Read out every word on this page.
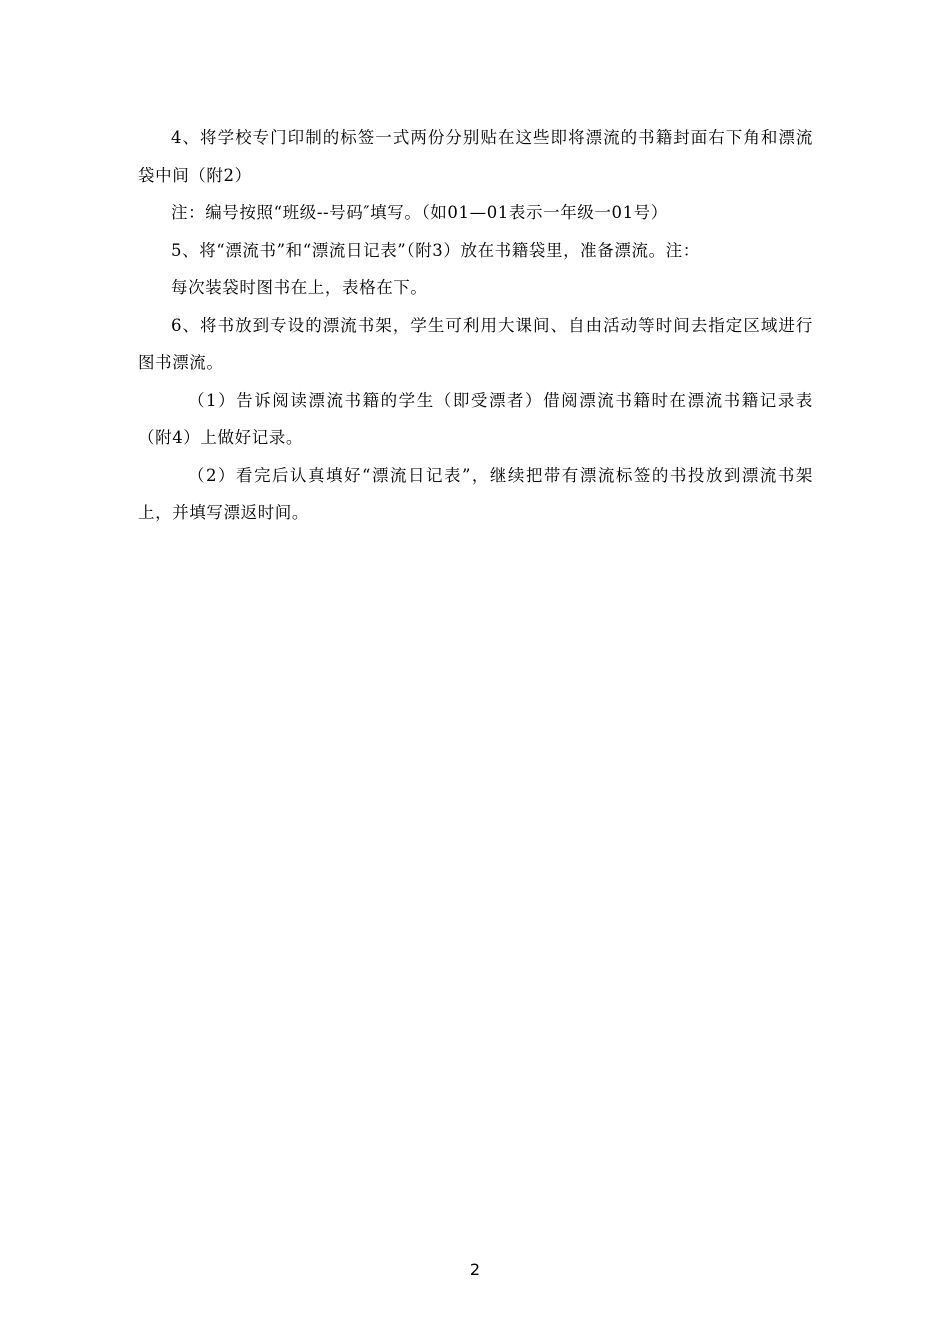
4、将学校专门印制的标签一式两份分别贴在这些即将漂流的书籍封面右下角和漂流袋中间（附2）

注：编号按照“班级--号码″填写。（如01—01表示一年级一01号）

5、将“漂流书”和“漂流日记表”（附3）放在书籍袋里，准备漂流。注：

每次装袋时图书在上，表格在下。

6、将书放到专设的漂流书架，学生可利用大课间、自由活动等时间去指定区域进行图书漂流。

（1）告诉阅读漂流书籍的学生（即受漂者）借阅漂流书籍时在漂流书籍记录表（附4）上做好记录。

（2）看完后认真填好“漂流日记表”，继续把带有漂流标签的书投放到漂流书架上，并填写漂返时间。

2
